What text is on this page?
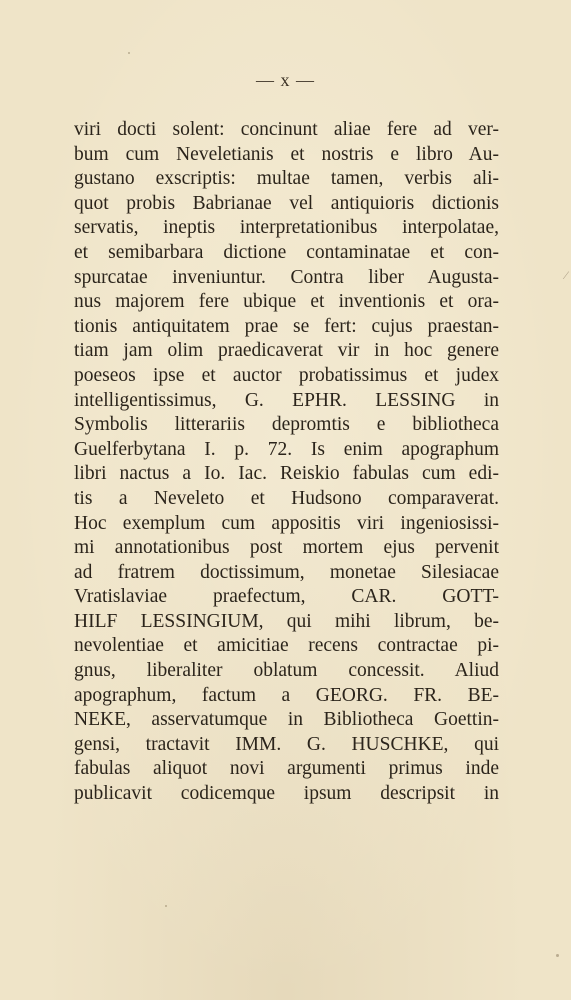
— x —
viri docti solent: concinunt aliae fere ad ver-
bum cum Neveletianis et nostris e libro Au-
gustano exscriptis: multae tamen, verbis ali-
quot probis Babrianae vel antiquioris dictionis
servatis, ineptis interpretationibus interpolatae,
et semibarbara dictione contaminatae et con-
spurcatae inveniuntur. Contra liber Augusta-
nus majorem fere ubique et inventionis et ora-
tionis antiquitatem prae se fert: cujus praestan-
tiam jam olim praedicaverat vir in hoc genere
poeseos ipse et auctor probatissimus et judex
intelligentissimus, G. EPHR. LESSING in
Symbolis litterariis depromtis e bibliotheca
Guelferbytana I. p. 72. Is enim apographum
libri nactus a Io. Iac. Reiskio fabulas cum edi-
tis a Neveleto et Hudsono comparaverat.
Hoc exemplum cum appositis viri ingeniosissi-
mi annotationibus post mortem ejus pervenit
ad fratrem doctissimum, monetae Silesiacae
Vratislaviae praefectum, CAR. GOTT-
HILF LESSINGIUM, qui mihi librum, be-
nevolentiae et amicitiae recens contractae pi-
gnus, liberaliter oblatum concessit. Aliud
apographum, factum a GEORG. FR. BE-
NEKE, asservatumque in Bibliotheca Goettin-
gensi, tractavit IMM. G. HUSCHKE, qui
fabulas aliquot novi argumenti primus inde
publicavit codicemque ipsum descripsit in
⁄
